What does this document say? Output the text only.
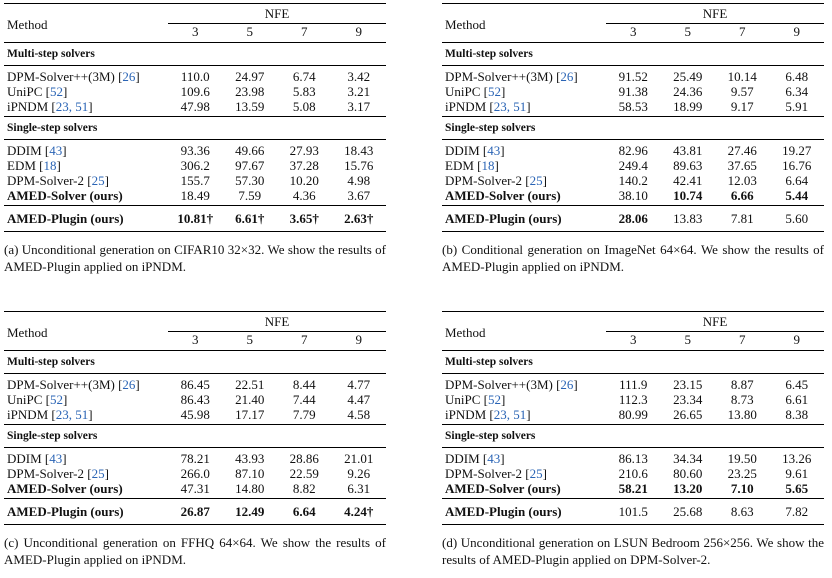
Method	NFE			
	3	5	7	9
Multi-step solvers				
DPM-Solver++(3M) [26]	110.0	24.97	6.74	3.42
UniPC [52]	109.6	23.98	5.83	3.21
iPNDM [23, 51]	47.98	13.59	5.08	3.17
Single-step solvers				
DDIM [43]	93.36	49.66	27.93	18.43
EDM [18]	306.2	97.67	37.28	15.76
DPM-Solver-2 [25]	155.7	57.30	10.20	4.98
AMED-Solver (ours)	18.49	7.59	4.36	3.67
AMED-Plugin (ours)	10.81†	6.61†	3.65†	2.63†
(a) Unconditional generation on CIFAR10 32×32. We show the results of AMED-Plugin applied on iPNDM.
Method	NFE			
	3	5	7	9
Multi-step solvers				
DPM-Solver++(3M) [26]	91.52	25.49	10.14	6.48
UniPC [52]	91.38	24.36	9.57	6.34
iPNDM [23, 51]	58.53	18.99	9.17	5.91
Single-step solvers				
DDIM [43]	82.96	43.81	27.46	19.27
EDM [18]	249.4	89.63	37.65	16.76
DPM-Solver-2 [25]	140.2	42.41	12.03	6.64
AMED-Solver (ours)	38.10	10.74	6.66	5.44
AMED-Plugin (ours)	28.06	13.83	7.81	5.60
(b) Conditional generation on ImageNet 64×64. We show the results of AMED-Plugin applied on iPNDM.
Method	NFE			
	3	5	7	9
Multi-step solvers				
DPM-Solver++(3M) [26]	86.45	22.51	8.44	4.77
UniPC [52]	86.43	21.40	7.44	4.47
iPNDM [23, 51]	45.98	17.17	7.79	4.58
Single-step solvers				
DDIM [43]	78.21	43.93	28.86	21.01
DPM-Solver-2 [25]	266.0	87.10	22.59	9.26
AMED-Solver (ours)	47.31	14.80	8.82	6.31
AMED-Plugin (ours)	26.87	12.49	6.64	4.24†
(c) Unconditional generation on FFHQ 64×64. We show the results of AMED-Plugin applied on iPNDM.
Method	NFE			
	3	5	7	9
Multi-step solvers				
DPM-Solver++(3M) [26]	111.9	23.15	8.87	6.45
UniPC [52]	112.3	23.34	8.73	6.61
iPNDM [23, 51]	80.99	26.65	13.80	8.38
Single-step solvers				
DDIM [43]	86.13	34.34	19.50	13.26
DPM-Solver-2 [25]	210.6	80.60	23.25	9.61
AMED-Solver (ours)	58.21	13.20	7.10	5.65
AMED-Plugin (ours)	101.5	25.68	8.63	7.82
(d) Unconditional generation on LSUN Bedroom 256×256. We show the results of AMED-Plugin applied on DPM-Solver-2.
